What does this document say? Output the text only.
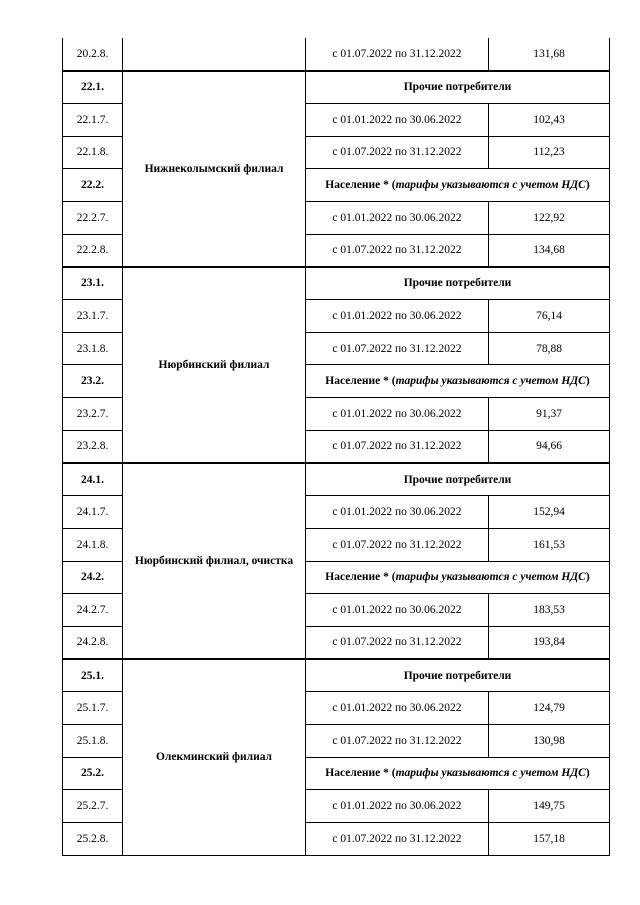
20.2.8.		с 01.07.2022 по 31.12.2022	131,68
22.1.	Нижнеколымский филиал	Прочие потребители	
22.1.7.		с 01.01.2022 по 30.06.2022	102,43
22.1.8.		с 01.07.2022 по 31.12.2022	112,23
22.2.		Население * (тарифы указываются с учетом НДС)	
22.2.7.		с 01.01.2022 по 30.06.2022	122,92
22.2.8.		с 01.07.2022 по 31.12.2022	134,68
23.1.	Нюрбинский филиал	Прочие потребители	
23.1.7.		с 01.01.2022 по 30.06.2022	76,14
23.1.8.		с 01.07.2022 по 31.12.2022	78,88
23.2.		Население * (тарифы указываются с учетом НДС)	
23.2.7.		с 01.01.2022 по 30.06.2022	91,37
23.2.8.		с 01.07.2022 по 31.12.2022	94,66
24.1.	Нюрбинский филиал, очистка	Прочие потребители	
24.1.7.		с 01.01.2022 по 30.06.2022	152,94
24.1.8.		с 01.07.2022 по 31.12.2022	161,53
24.2.		Население * (тарифы указываются с учетом НДС)	
24.2.7.		с 01.01.2022 по 30.06.2022	183,53
24.2.8.		с 01.07.2022 по 31.12.2022	193,84
25.1.	Олекминский филиал	Прочие потребители	
25.1.7.		с 01.01.2022 по 30.06.2022	124,79
25.1.8.		с 01.07.2022 по 31.12.2022	130,98
25.2.		Население * (тарифы указываются с учетом НДС)	
25.2.7.		с 01.01.2022 по 30.06.2022	149,75
25.2.8.		с 01.07.2022 по 31.12.2022	157,18
